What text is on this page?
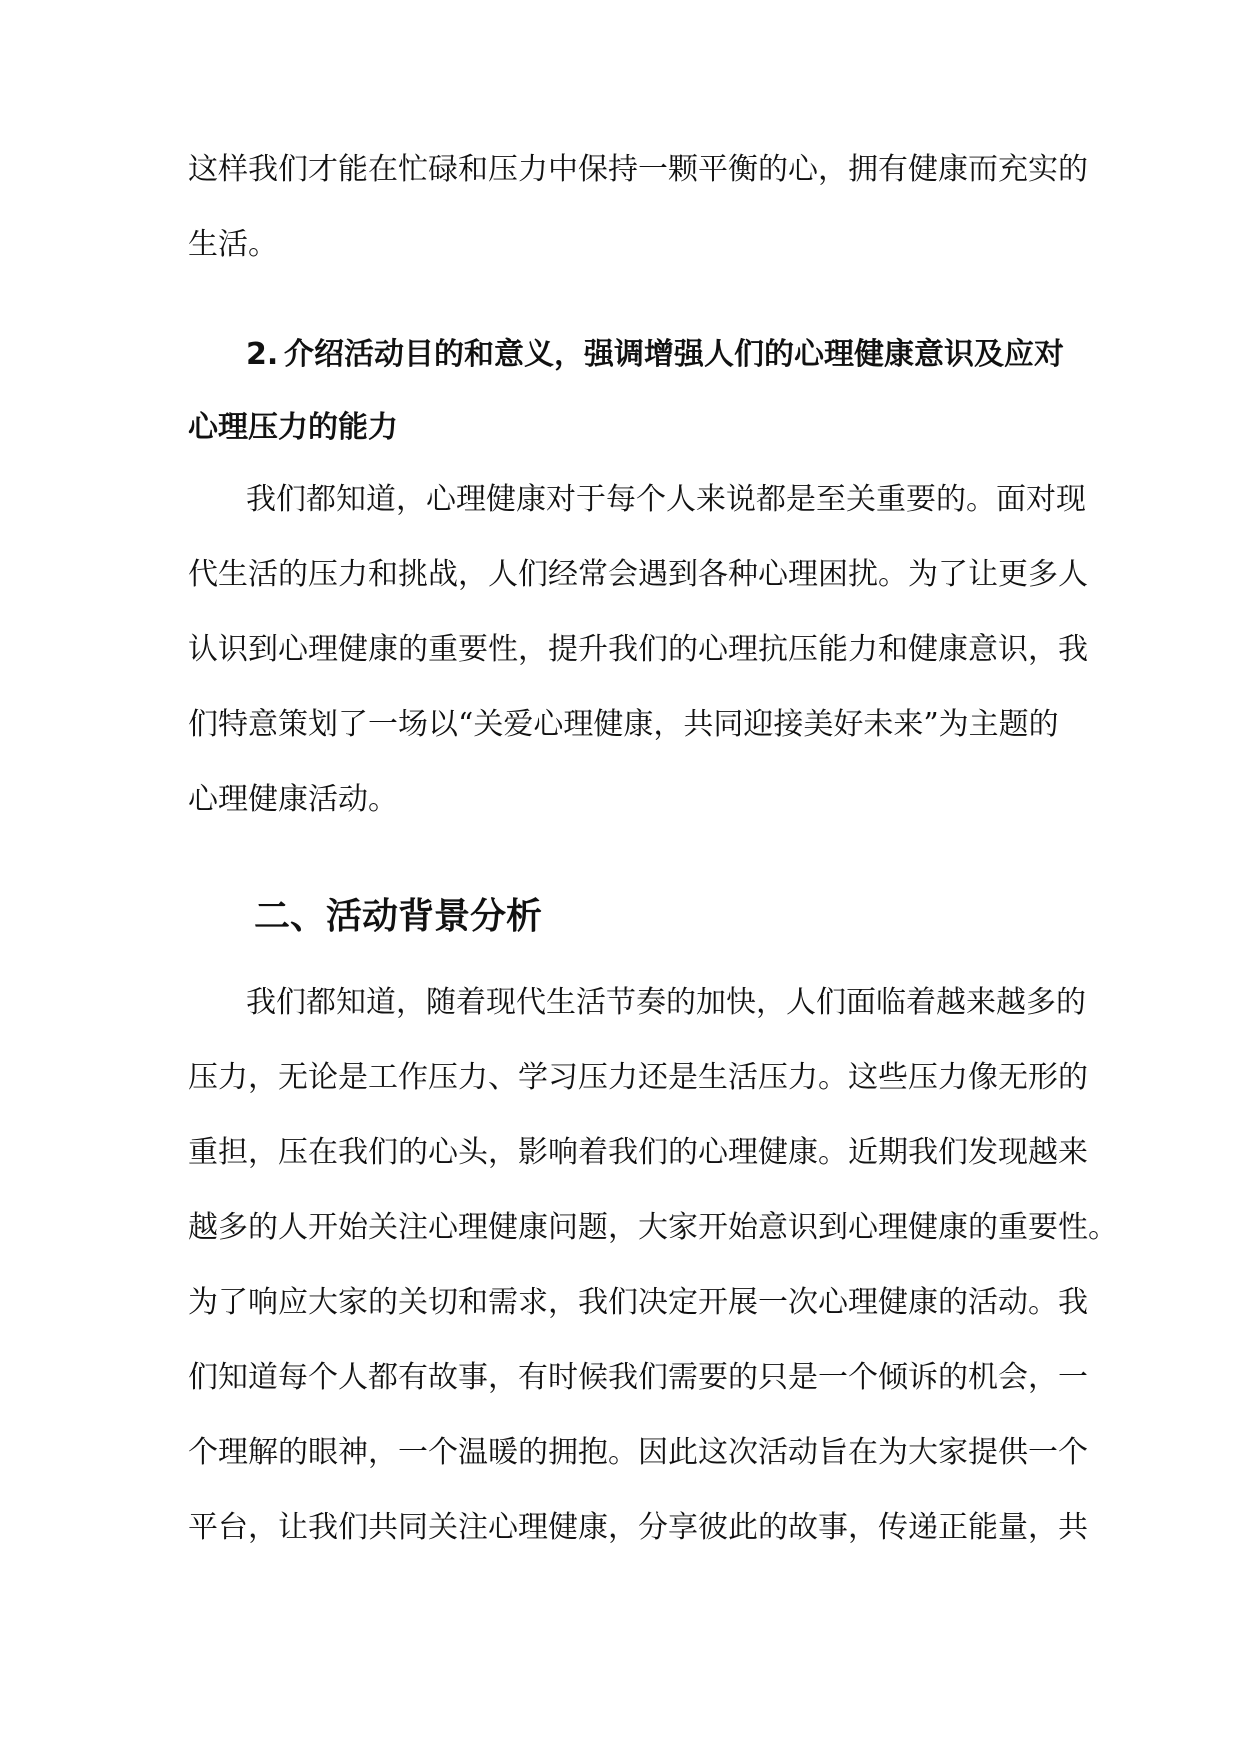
这样我们才能在忙碌和压力中保持一颗平衡的心，拥有健康而充实的
生活。
2. 介绍活动目的和意义，强调增强人们的心理健康意识及应对
心理压力的能力
我们都知道，心理健康对于每个人来说都是至关重要的。面对现
代生活的压力和挑战，人们经常会遇到各种心理困扰。为了让更多人
认识到心理健康的重要性，提升我们的心理抗压能力和健康意识，我
们特意策划了一场以“关爱心理健康，共同迎接美好未来”为主题的
心理健康活动。
二、活动背景分析
我们都知道，随着现代生活节奏的加快，人们面临着越来越多的
压力，无论是工作压力、学习压力还是生活压力。这些压力像无形的
重担，压在我们的心头，影响着我们的心理健康。近期我们发现越来
越多的人开始关注心理健康问题，大家开始意识到心理健康的重要性。
为了响应大家的关切和需求，我们决定开展一次心理健康的活动。我
们知道每个人都有故事，有时候我们需要的只是一个倾诉的机会，一
个理解的眼神，一个温暖的拥抱。因此这次活动旨在为大家提供一个
平台，让我们共同关注心理健康，分享彼此的故事，传递正能量，共
